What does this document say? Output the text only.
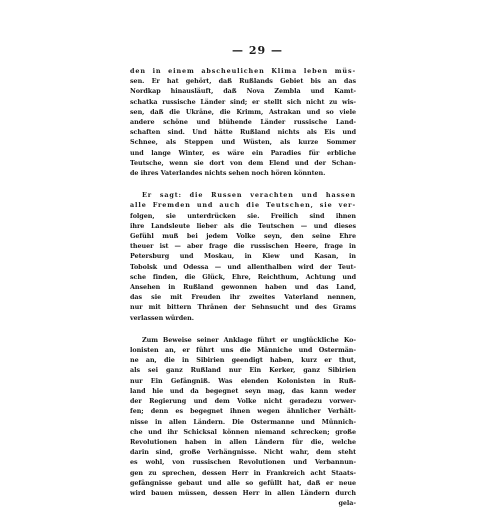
— 29 —
den in einem abscheulichen Klima leben müs-
sen. Er hat gehört, daß Rußlands Gebiet bis an das
Nordkap hinausläuft, daß Nova Zembla und Kamt-
schatka russische Länder sind; er stellt sich nicht zu wis-
sen, daß die Ukräne, die Krimm, Astrakan und so viele
andere schöne und blühende Länder russische Land-
schaften sind. Und hätte Rußland nichts als Eis und
Schnee, als Steppen und Wüsten, als kurze Sommer
und lange Winter, es wäre ein Paradies für erbliche
Teutsche, wenn sie dort von dem Elend und der Schan-
de ihres Vaterlandes nichts sehen noch hören könnten.
Er sagt: die Russen verachten und hassen
alle Fremden und auch die Teutschen, sie ver-
folgen, sie unterdrücken sie. Freilich sind ihnen
ihre Landsleute lieber als die Teutschen — und dieses
Gefühl muß bei jedem Volke seyn, den seine Ehre
theuer ist — aber frage die russischen Heere, frage in
Petersburg und Moskau, in Kiew und Kasan, in
Tobolsk und Odessa — und allenthalben wird der Teut-
sche finden, die Glück, Ehre, Reichthum, Achtung und
Ansehen in Rußland gewonnen haben und das Land,
das sie mit Freuden ihr zweites Vaterland nennen,
nur mit bittern Thränen der Sehnsucht und des Grams
verlassen würden.
Zum Beweise seiner Anklage führt er unglückliche Ko-
lonisten an, er führt uns die Männiche und Ostermän-
ne an, die in Sibirien geendigt haben, kurz er thut,
als sei ganz Rußland nur Ein Kerker, ganz Sibirien
nur Ein Gefängniß. Was elenden Kolonisten in Ruß-
land hie und da begegnet seyn mag, das kann weder
der Regierung und dem Volke nicht geradezu vorwer-
fen; denn es begegnet ihnen wegen ähnlicher Verhält-
nisse in allen Ländern. Die Ostermanne und Münnich-
che und ihr Schicksal können niemand schrecken; große
Revolutionen haben in allen Ländern für die, welche
darin sind, große Verhängnisse. Nicht wahr, dem steht
es wohl, von russischen Revolutionen und Verbannun-
gen zu sprechen, dessen Herr in Frankreich acht Staats-
gefängnisse gebaut und alle so gefüllt hat, daß er neue
wird bauen müssen, dessen Herr in allen Ländern durch
gela-
